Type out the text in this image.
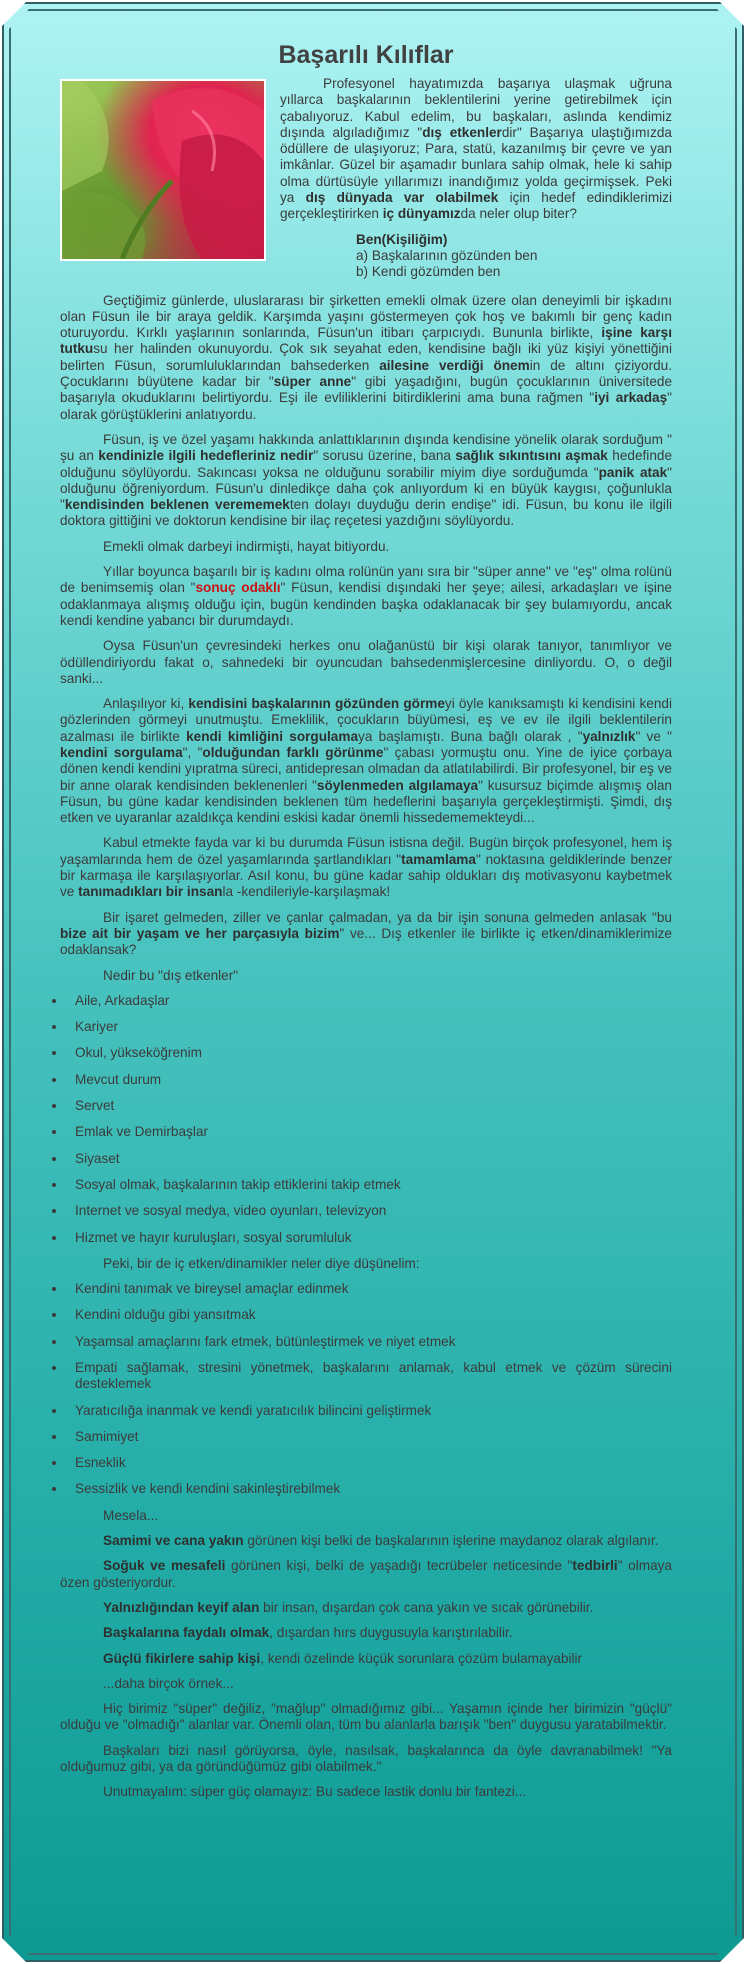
Başarılı Kılıflar

Profesyonel hayatımızda başarıya ulaşmak uğruna yıllarca başkalarının beklentilerini yerine getirebilmek için çabalıyoruz. Kabul edelim, bu başkaları, aslında kendimiz dışında algıladığımız "dış etkenlerdir" Başarıya ulaştığımızda ödüllere de ulaşıyoruz; Para, statü, kazanılmış bir çevre ve yan imkânlar. Güzel bir aşamadır bunlara sahip olmak, hele ki sahip olma dürtüsüyle yıllarımızı inandığımız yolda geçirmişsek. Peki ya dış dünyada var olabilmek için hedef edindiklerimizi gerçekleştirirken iç dünyamızda neler olup biter?

Ben(Kişiliğim)
a) Başkalarının gözünden ben
b) Kendi gözümden ben

Geçtiğimiz günlerde, uluslararası bir şirketten emekli olmak üzere olan deneyimli bir işkadını olan Füsun ile bir araya geldik. Karşımda yaşını göstermeyen çok hoş ve bakımlı bir genç kadın oturuyordu. Kırklı yaşlarının sonlarında, Füsun'un itibarı çarpıcıydı. Bununla birlikte, işine karşı tutkusu her halinden okunuyordu. Çok sık seyahat eden, kendisine bağlı iki yüz kişiyi yönettiğini belirten Füsun, sorumluluklarından bahsederken ailesine verdiği önemin de altını çiziyordu. Çocuklarını büyütene kadar bir "süper anne" gibi yaşadığını, bugün çocuklarının üniversitede başarıyla okuduklarını belirtiyordu. Eşi ile evliliklerini bitirdiklerini ama buna rağmen "iyi arkadaş" olarak görüştüklerini anlatıyordu.

Füsun, iş ve özel yaşamı hakkında anlattıklarının dışında kendisine yönelik olarak sorduğum " şu an kendinizle ilgili hedefleriniz nedir" sorusu üzerine, bana sağlık sıkıntısını aşmak hedefinde olduğunu söylüyordu. Sakıncası yoksa ne olduğunu sorabilir miyim diye sorduğumda "panik atak" olduğunu öğreniyordum. Füsun'u dinledikçe daha çok anlıyordum ki en büyük kaygısı, çoğunlukla "kendisinden beklenen verememekten dolayı duyduğu derin endişe" idi. Füsun, bu konu ile ilgili doktora gittiğini ve doktorun kendisine bir ilaç reçetesi yazdığını söylüyordu.

Emekli olmak darbeyi indirmişti, hayat bitiyordu.

Yıllar boyunca başarılı bir iş kadını olma rolünün yanı sıra bir "süper anne" ve "eş" olma rolünü de benimsemiş olan "sonuç odaklı" Füsun, kendisi dışındaki her şeye; ailesi, arkadaşları ve işine odaklanmaya alışmış olduğu için, bugün kendinden başka odaklanacak bir şey bulamıyordu, ancak kendi kendine yabancı bir durumdaydı.

Oysa Füsun'un çevresindeki herkes onu olağanüstü bir kişi olarak tanıyor, tanımlıyor ve ödüllendiriyordu fakat o, sahnedeki bir oyuncudan bahsedenmişlercesine dinliyordu. O, o değil sanki...

Anlaşılıyor ki, kendisini başkalarının gözünden görmeyi öyle kanıksamıştı ki kendisini kendi gözlerinden görmeyi unutmuştu. Emeklilik, çocukların büyümesi, eş ve ev ile ilgili beklentilerin azalması ile birlikte kendi kimliğini sorgulamaya başlamıştı. Buna bağlı olarak , "yalnızlık" ve " kendini sorgulama", "olduğundan farklı görünme" çabası yormuştu onu. Yine de iyice çorbaya dönen kendi kendini yıpratma süreci, antidepresan olmadan da atlatılabilirdi. Bir profesyonel, bir eş ve bir anne olarak kendisinden beklenenleri "söylenmeden algılamaya" kusursuz biçimde alışmış olan Füsun, bu güne kadar kendisinden beklenen tüm hedeflerini başarıyla gerçekleştirmişti. Şimdi, dış etken ve uyaranlar azaldıkça kendini eskisi kadar önemli hissedememekteydi...

Kabul etmekte fayda var ki bu durumda Füsun istisna değil. Bugün birçok profesyonel, hem iş yaşamlarında hem de özel yaşamlarında şartlandıkları "tamamlama" noktasına geldiklerinde benzer bir karmaşa ile karşılaşıyorlar. Asıl konu, bu güne kadar sahip oldukları dış motivasyonu kaybetmek ve tanımadıkları bir insanla -kendileriyle-karşılaşmak!

Bir işaret gelmeden, ziller ve çanlar çalmadan, ya da bir işin sonuna gelmeden anlasak "bu bize ait bir yaşam ve her parçasıyla bizim" ve... Dış etkenler ile birlikte iç etken/dinamiklerimize odaklansak?

Nedir bu "dış etkenler"

• Aile, Arkadaşlar
• Kariyer
• Okul, yükseköğrenim
• Mevcut durum
• Servet
• Emlak ve Demirbaşlar
• Siyaset
• Sosyal olmak, başkalarının takip ettiklerini takip etmek
• Internet ve sosyal medya, video oyunları, televizyon
• Hizmet ve hayır kuruluşları, sosyal sorumluluk

Peki, bir de iç etken/dinamikler neler diye düşünelim:

• Kendini tanımak ve bireysel amaçlar edinmek
• Kendini olduğu gibi yansıtmak
• Yaşamsal amaçlarını fark etmek, bütünleştirmek ve niyet etmek
• Empati sağlamak, stresini yönetmek, başkalarını anlamak, kabul etmek ve çözüm sürecini desteklemek
• Yaratıcılığa inanmak ve kendi yaratıcılık bilincini geliştirmek
• Samimiyet
• Esneklik
• Sessizlik ve kendi kendini sakinleştirebilmek

Mesela...

Samimi ve cana yakın görünen kişi belki de başkalarının işlerine maydanoz olarak algılanır.

Soğuk ve mesafeli görünen kişi, belki de yaşadığı tecrübeler neticesinde "tedbirli" olmaya özen gösteriyordur.

Yalnızlığından keyif alan bir insan, dışardan çok cana yakın ve sıcak görünebilir.

Başkalarına faydalı olmak, dışardan hırs duygusuyla karıştırılabilir.

Güçlü fikirlere sahip kişi, kendi özelinde küçük sorunlara çözüm bulamayabilir

...daha birçok örnek...

Hiç birimiz "süper" değiliz, "mağlup" olmadığımız gibi... Yaşamın içinde her birimizin "güçlü" olduğu ve "olmadığı" alanlar var. Önemli olan, tüm bu alanlarla barışık "ben" duygusu yaratabilmektir.

Başkaları bizi nasıl görüyorsa, öyle, nasılsak, başkalarınca da öyle davranabilmek! "Ya olduğumuz gibi, ya da göründüğümüz gibi olabilmek."

Unutmayalım: süper güç olamayız: Bu sadece lastik donlu bir fantezi...
